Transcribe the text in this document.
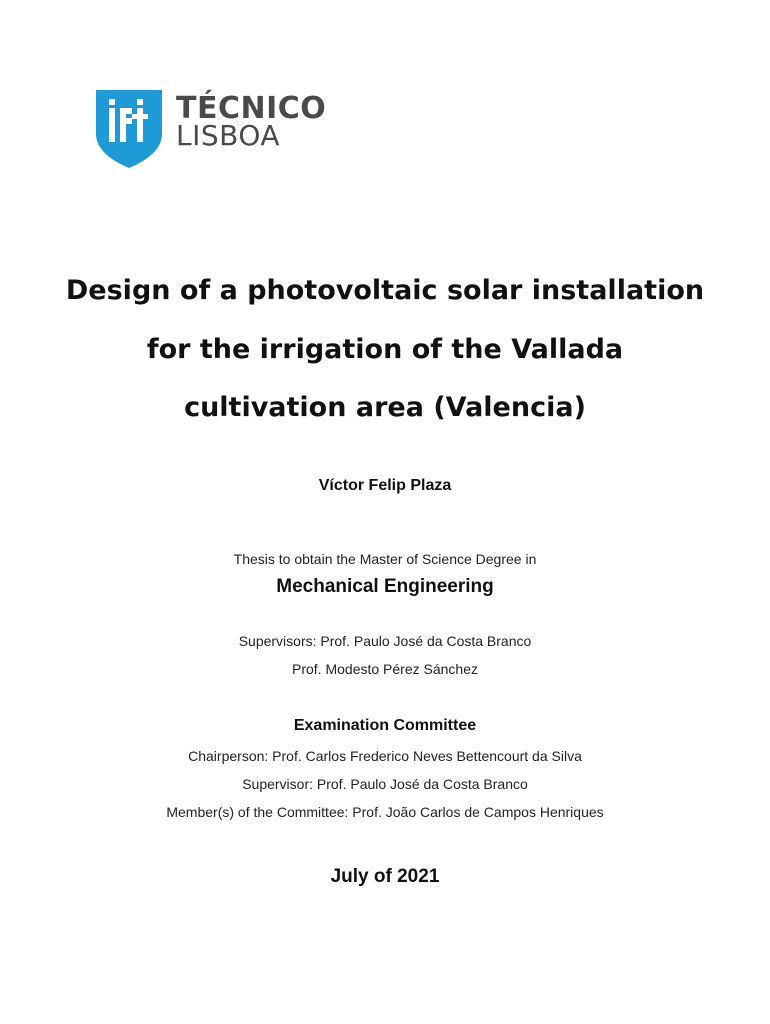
TÉCNICO
LISBOA
Design of a photovoltaic solar installation
for the irrigation of the Vallada
cultivation area (Valencia)
Víctor Felip Plaza
Thesis to obtain the Master of Science Degree in
Mechanical Engineering
Supervisors: Prof. Paulo José da Costa Branco
Prof. Modesto Pérez Sánchez
Examination Committee
Chairperson: Prof. Carlos Frederico Neves Bettencourt da Silva
Supervisor: Prof. Paulo José da Costa Branco
Member(s) of the Committee: Prof. João Carlos de Campos Henriques
July of 2021
